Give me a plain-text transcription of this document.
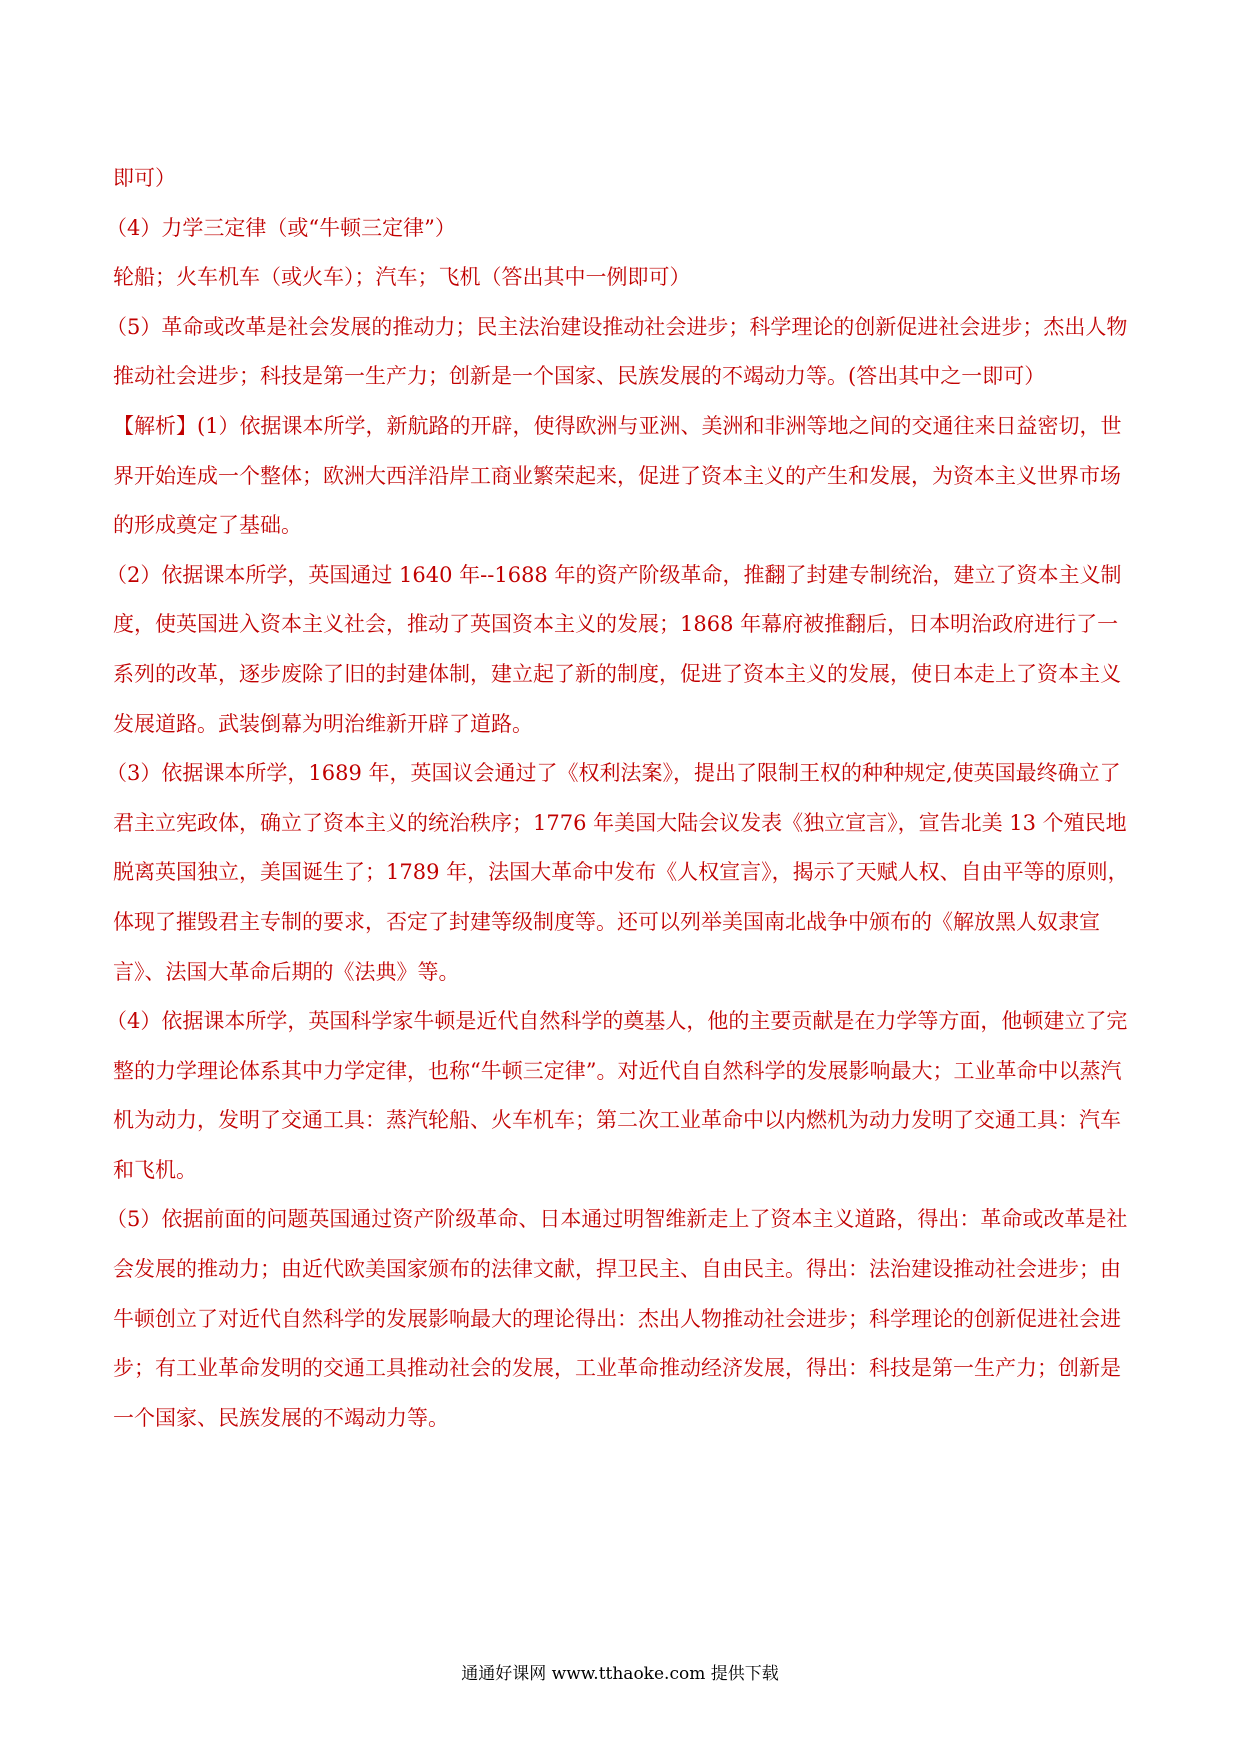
即可）

（4）力学三定律（或“牛顿三定律”）

轮船；火车机车（或火车）；汽车；飞机（答出其中一例即可）

（5）革命或改革是社会发展的推动力；民主法治建设推动社会进步；科学理论的创新促进社会进步；杰出人物推动社会进步；科技是第一生产力；创新是一个国家、民族发展的不竭动力等。(答出其中之一即可）

【解析】(1）依据课本所学，新航路的开辟，使得欧洲与亚洲、美洲和非洲等地之间的交通往来日益密切，世界开始连成一个整体；欧洲大西洋沿岸工商业繁荣起来，促进了资本主义的产生和发展，为资本主义世界市场的形成奠定了基础。

（2）依据课本所学，英国通过 1640 年--1688 年的资产阶级革命，推翻了封建专制统治，建立了资本主义制度，使英国进入资本主义社会，推动了英国资本主义的发展；1868 年幕府被推翻后，日本明治政府进行了一系列的改革，逐步废除了旧的封建体制，建立起了新的制度，促进了资本主义的发展，使日本走上了资本主义发展道路。武装倒幕为明治维新开辟了道路。

（3）依据课本所学，1689 年，英国议会通过了《权利法案》，提出了限制王权的种种规定,使英国最终确立了君主立宪政体，确立了资本主义的统治秩序；1776 年美国大陆会议发表《独立宣言》，宣告北美 13 个殖民地脱离英国独立，美国诞生了；1789 年，法国大革命中发布《人权宣言》，揭示了天赋人权、自由平等的原则，体现了摧毁君主专制的要求，否定了封建等级制度等。还可以列举美国南北战争中颁布的《解放黑人奴隶宣言》、法国大革命后期的《法典》等。

（4）依据课本所学，英国科学家牛顿是近代自然科学的奠基人，他的主要贡献是在力学等方面，他顿建立了完整的力学理论体系其中力学定律，也称“牛顿三定律”。对近代自自然科学的发展影响最大；工业革命中以蒸汽机为动力，发明了交通工具：蒸汽轮船、火车机车；第二次工业革命中以内燃机为动力发明了交通工具：汽车和飞机。

（5）依据前面的问题英国通过资产阶级革命、日本通过明智维新走上了资本主义道路，得出：革命或改革是社会发展的推动力；由近代欧美国家颁布的法律文献，捍卫民主、自由民主。得出：法治建设推动社会进步；由牛顿创立了对近代自然科学的发展影响最大的理论得出：杰出人物推动社会进步；科学理论的创新促进社会进步；有工业革命发明的交通工具推动社会的发展，工业革命推动经济发展，得出：科技是第一生产力；创新是一个国家、民族发展的不竭动力等。

通通好课网 www.tthaoke.com 提供下载
